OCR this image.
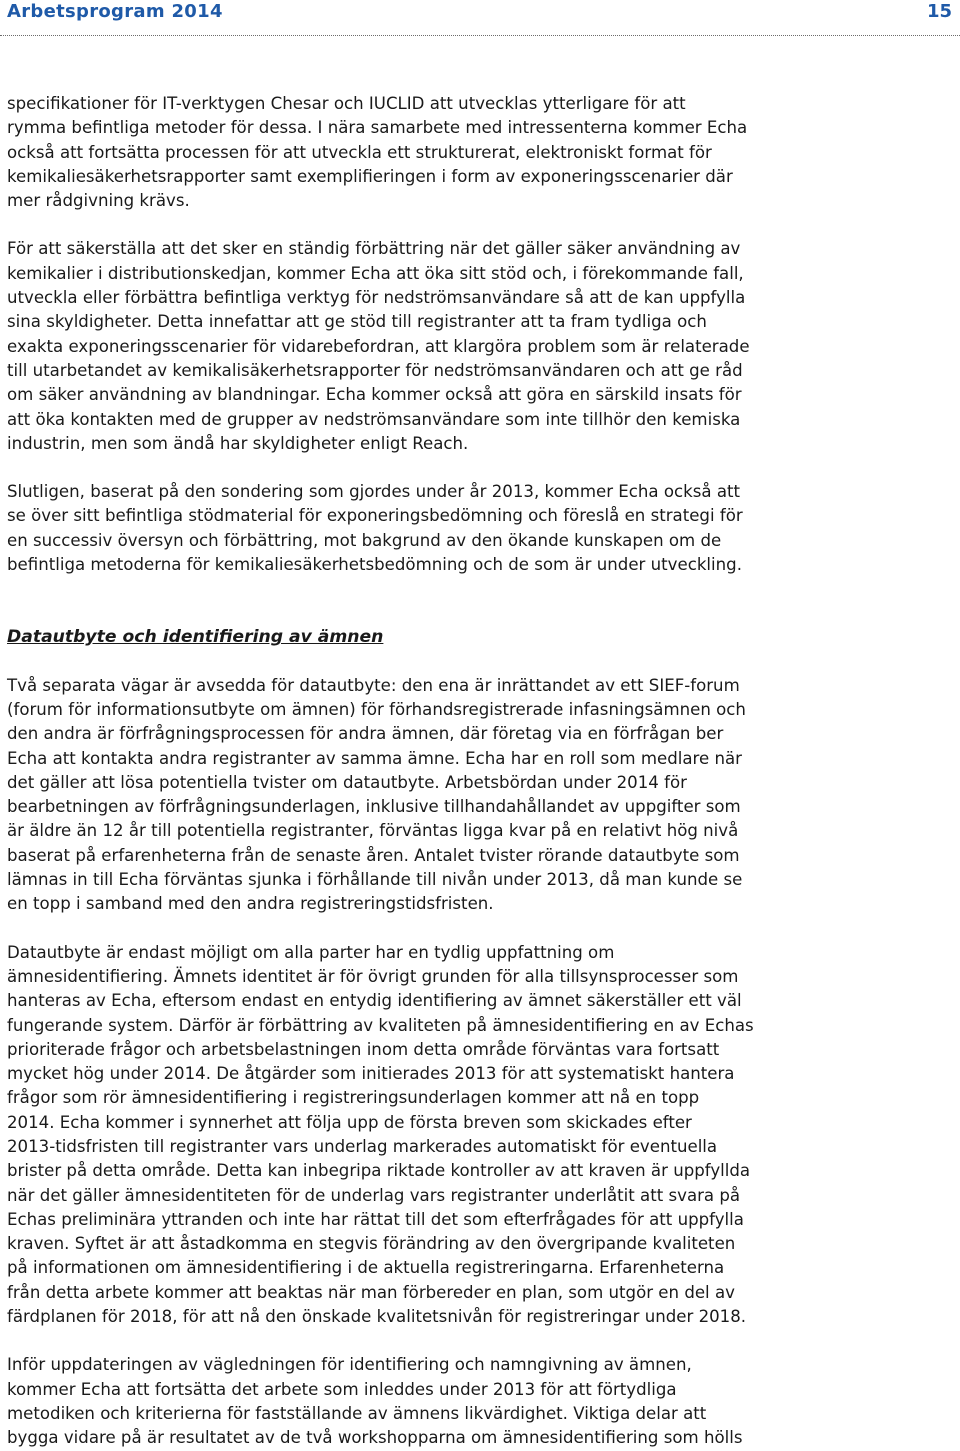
Arbetsprogram 2014	15

specifikationer för IT-verktygen Chesar och IUCLID att utvecklas ytterligare för att
rymma befintliga metoder för dessa. I nära samarbete med intressenterna kommer Echa
också att fortsätta processen för att utveckla ett strukturerat, elektroniskt format för
kemikaliesäkerhetsrapporter samt exemplifieringen i form av exponeringsscenarier där
mer rådgivning krävs.

För att säkerställa att det sker en ständig förbättring när det gäller säker användning av
kemikalier i distributionskedjan, kommer Echa att öka sitt stöd och, i förekommande fall,
utveckla eller förbättra befintliga verktyg för nedströmsanvändare så att de kan uppfylla
sina skyldigheter. Detta innefattar att ge stöd till registranter att ta fram tydliga och
exakta exponeringsscenarier för vidarebefordran, att klargöra problem som är relaterade
till utarbetandet av kemikalisäkerhetsrapporter för nedströmsanvändaren och att ge råd
om säker användning av blandningar. Echa kommer också att göra en särskild insats för
att öka kontakten med de grupper av nedströmsanvändare som inte tillhör den kemiska
industrin, men som ändå har skyldigheter enligt Reach.

Slutligen, baserat på den sondering som gjordes under år 2013, kommer Echa också att
se över sitt befintliga stödmaterial för exponeringsbedömning och föreslå en strategi för
en successiv översyn och förbättring, mot bakgrund av den ökande kunskapen om de
befintliga metoderna för kemikaliesäkerhetsbedömning och de som är under utveckling.

Datautbyte och identifiering av ämnen

Två separata vägar är avsedda för datautbyte: den ena är inrättandet av ett SIEF-forum
(forum för informationsutbyte om ämnen) för förhandsregistrerade infasningsämnen och
den andra är förfrågningsprocessen för andra ämnen, där företag via en förfrågan ber
Echa att kontakta andra registranter av samma ämne. Echa har en roll som medlare när
det gäller att lösa potentiella tvister om datautbyte. Arbetsbördan under 2014 för
bearbetningen av förfrågningsunderlagen, inklusive tillhandahållandet av uppgifter som
är äldre än 12 år till potentiella registranter, förväntas ligga kvar på en relativt hög nivå
baserat på erfarenheterna från de senaste åren. Antalet tvister rörande datautbyte som
lämnas in till Echa förväntas sjunka i förhållande till nivån under 2013, då man kunde se
en topp i samband med den andra registreringstidsfristen.

Datautbyte är endast möjligt om alla parter har en tydlig uppfattning om
ämnesidentifiering. Ämnets identitet är för övrigt grunden för alla tillsynsprocesser som
hanteras av Echa, eftersom endast en entydig identifiering av ämnet säkerställer ett väl
fungerande system. Därför är förbättring av kvaliteten på ämnesidentifiering en av Echas
prioriterade frågor och arbetsbelastningen inom detta område förväntas vara fortsatt
mycket hög under 2014. De åtgärder som initierades 2013 för att systematiskt hantera
frågor som rör ämnesidentifiering i registreringsunderlagen kommer att nå en topp
2014. Echa kommer i synnerhet att följa upp de första breven som skickades efter
2013-tidsfristen till registranter vars underlag markerades automatiskt för eventuella
brister på detta område. Detta kan inbegripa riktade kontroller av att kraven är uppfyllda
när det gäller ämnesidentiteten för de underlag vars registranter underlåtit att svara på
Echas preliminära yttranden och inte har rättat till det som efterfrågades för att uppfylla
kraven. Syftet är att åstadkomma en stegvis förändring av den övergripande kvaliteten
på informationen om ämnesidentifiering i de aktuella registreringarna. Erfarenheterna
från detta arbete kommer att beaktas när man förbereder en plan, som utgör en del av
färdplanen för 2018, för att nå den önskade kvalitetsnivån för registreringar under 2018.

Inför uppdateringen av vägledningen för identifiering och namngivning av ämnen,
kommer Echa att fortsätta det arbete som inleddes under 2013 för att förtydliga
metodiken och kriterierna för fastställande av ämnens likvärdighet. Viktiga delar att
bygga vidare på är resultatet av de två workshopparna om ämnesidentifiering som hölls
